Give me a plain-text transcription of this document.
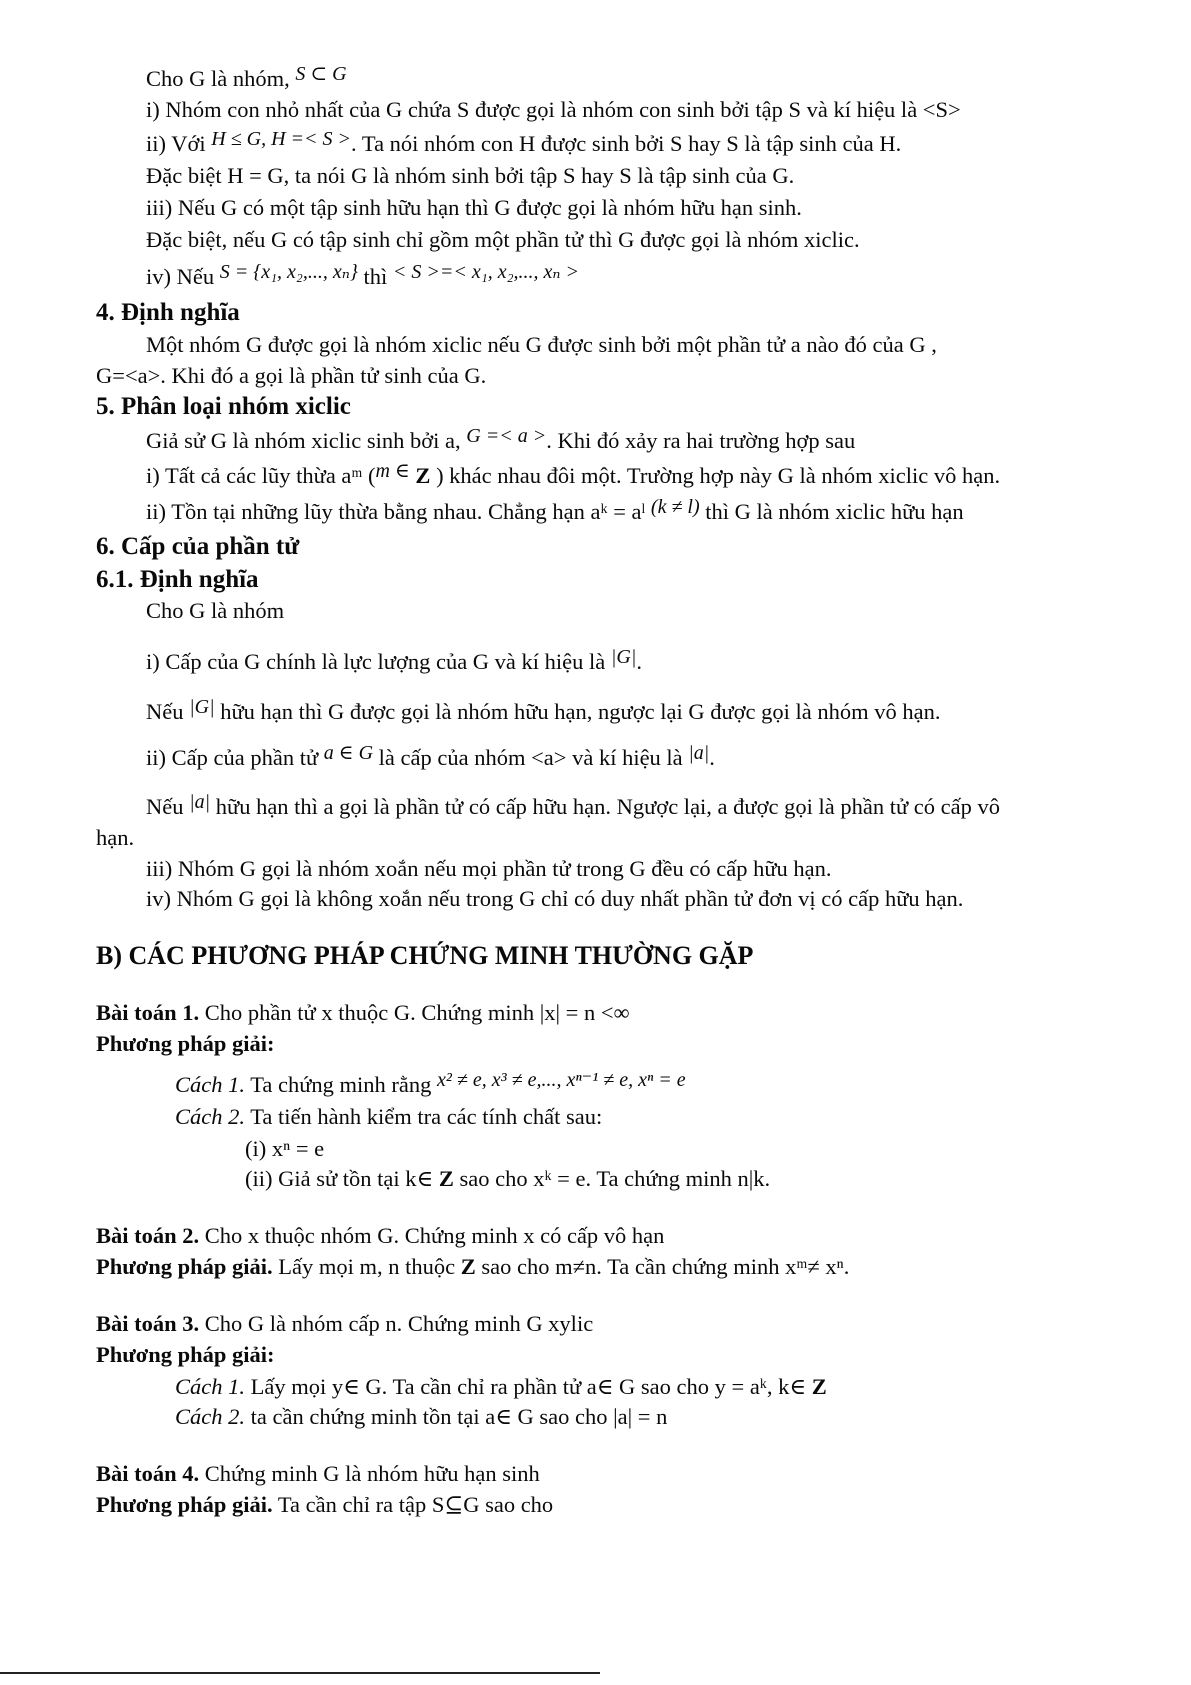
Cho G là nhóm, S ⊂ G
i) Nhóm con nhỏ nhất của G chứa S được gọi là nhóm con sinh bởi tập S và kí hiệu là <S>
ii) Với H ≤ G, H =< S >. Ta nói nhóm con H được sinh bởi S hay S là tập sinh của H.
Đặc biệt H = G, ta nói G là nhóm sinh bởi tập S hay S là tập sinh của G.
iii) Nếu G có một tập sinh hữu hạn thì G được gọi là nhóm hữu hạn sinh.
Đặc biệt, nếu G có tập sinh chỉ gồm một phần tử thì G được gọi là nhóm xiclic.
iv) Nếu S = {x₁, x₂,..., xₙ} thì < S >=< x₁, x₂,..., xₙ >
4. Định nghĩa
Một nhóm G được gọi là nhóm xiclic nếu G được sinh bởi một phần tử a nào đó của G ,
G=<a>. Khi đó a gọi là phần tử sinh của G.
5. Phân loại nhóm xiclic
Giả sử G là nhóm xiclic sinh bởi a, G =< a >. Khi đó xảy ra hai trường hợp sau
i) Tất cả các lũy thừa aᵐ (m ∈ Z ) khác nhau đôi một. Trường hợp này G là nhóm xiclic vô hạn.
ii) Tồn tại những lũy thừa bằng nhau. Chẳng hạn aᵏ = aˡ (k ≠ l) thì G là nhóm xiclic hữu hạn
6. Cấp của phần tử
6.1. Định nghĩa
Cho G là nhóm
i) Cấp của G chính là lực lượng của G và kí hiệu là |G|.
Nếu |G| hữu hạn thì G được gọi là nhóm hữu hạn, ngược lại G được gọi là nhóm vô hạn.
ii) Cấp của phần tử a ∈ G là cấp của nhóm <a> và kí hiệu là |a|.
Nếu |a| hữu hạn thì a gọi là phần tử có cấp hữu hạn. Ngược lại, a được gọi là phần tử có cấp vô
hạn.
iii) Nhóm G gọi là nhóm xoắn nếu mọi phần tử trong G đều có cấp hữu hạn.
iv) Nhóm G gọi là không xoắn nếu trong G chỉ có duy nhất phần tử đơn vị có cấp hữu hạn.
B) CÁC PHƯƠNG PHÁP CHỨNG MINH THƯỜNG GẶP
Bài toán 1. Cho phần tử x thuộc G. Chứng minh |x| = n <∞
Phương pháp giải:
Cách 1. Ta chứng minh rằng x² ≠ e, x³ ≠ e,..., xⁿ⁻¹ ≠ e, xⁿ = e
Cách 2. Ta tiến hành kiểm tra các tính chất sau:
(i) xⁿ = e
(ii) Giả sử tồn tại k∈ Z sao cho xᵏ = e. Ta chứng minh n|k.
Bài toán 2. Cho x thuộc nhóm G. Chứng minh x có cấp vô hạn
Phương pháp giải. Lấy mọi m, n thuộc Z sao cho m≠n. Ta cần chứng minh xᵐ≠ xⁿ.
Bài toán 3. Cho G là nhóm cấp n. Chứng minh G xylic
Phương pháp giải:
Cách 1. Lấy mọi y∈ G. Ta cần chỉ ra phần tử a∈ G sao cho y = aᵏ, k∈ Z
Cách 2. ta cần chứng minh tồn tại a∈ G sao cho |a| = n
Bài toán 4. Chứng minh G là nhóm hữu hạn sinh
Phương pháp giải. Ta cần chỉ ra tập S⊆G sao cho
